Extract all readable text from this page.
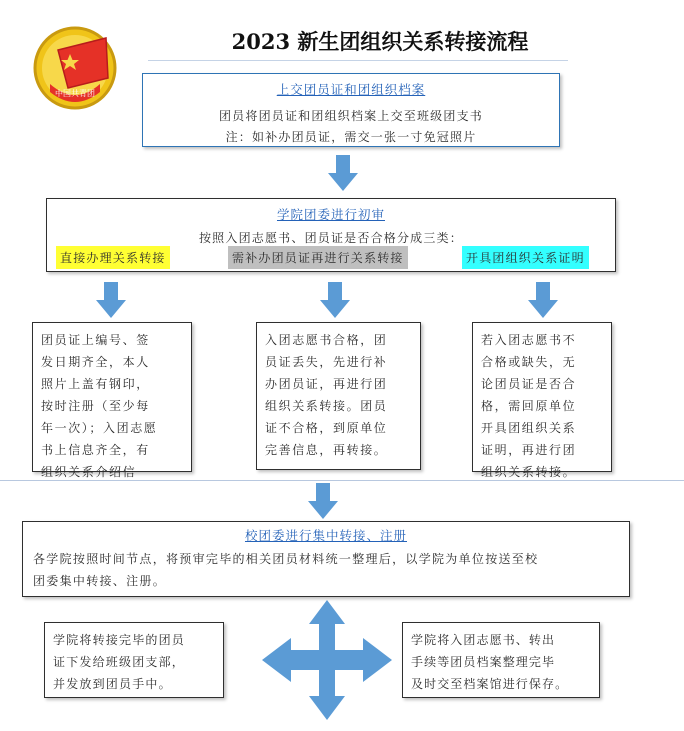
中国共青团
2023 新生团组织关系转接流程
上交团员证和团组织档案
团员将团员证和团组织档案上交至班级团支书
注：如补办团员证，需交一张一寸免冠照片
学院团委进行初审
按照入团志愿书、团员证是否合格分成三类：
直接办理关系转接	需补办团员证再进行关系转接	开具团组织关系证明
团员证上编号、签
发日期齐全，本人
照片上盖有钢印，
按时注册（至少每
年一次）；入团志愿
书上信息齐全，有
组织关系介绍信
入团志愿书合格，团
员证丢失，先进行补
办团员证，再进行团
组织关系转接。团员
证不合格，到原单位
完善信息，再转接。
若入团志愿书不
合格或缺失，无
论团员证是否合
格，需回原单位
开具团组织关系
证明，再进行团
组织关系转接。
校团委进行集中转接、注册
各学院按照时间节点，将预审完毕的相关团员材料统一整理后，以学院为单位按送至校
团委集中转接、注册。
学院将转接完毕的团员
证下发给班级团支部，
并发放到团员手中。
学院将入团志愿书、转出
手续等团员档案整理完毕
及时交至档案馆进行保存。
